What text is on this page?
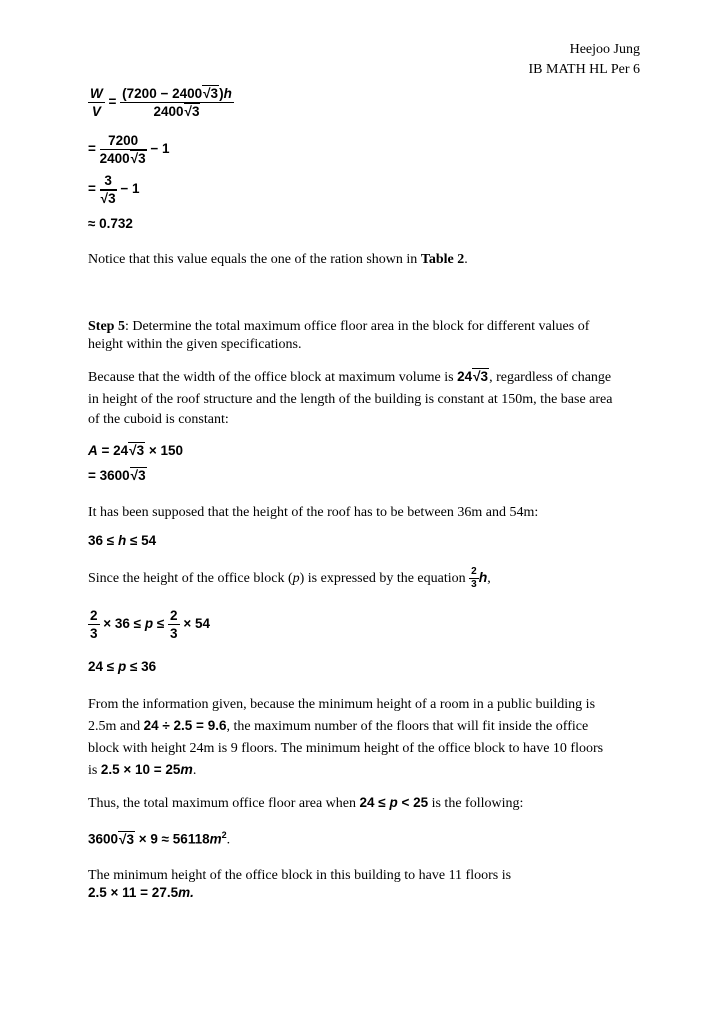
Heejoo Jung
IB MATH HL Per 6
$\frac{W}{V} = \frac{(7200 - 2400√3)h}{2400√3}$
= $\frac{7200}{2400√3} - 1$
= $\frac{3}{√3} - 1$
≈ 0.732
Notice that this value equals the one of the ration shown in Table 2.
Step 5: Determine the total maximum office floor area in the block for different values of
height within the given specifications.
Because that the width of the office block at maximum volume is 24√3, regardless of change
in height of the roof structure and the length of the building is constant at 150m, the base area
of the cuboid is constant:
A = 24√3 × 150
= 3600√3
It has been supposed that the height of the roof has to be between 36m and 54m:
36 ≤ h ≤ 54
Since the height of the office block (p) is expressed by the equation $\frac{2}{3} h$,
$\frac{2}{3} \times 36 \le p \le \frac{2}{3} \times 54$
24 ≤ p ≤ 36
From the information given, because the minimum height of a room in a public building is
2.5m and 24 ÷ 2.5 = 9.6, the maximum number of the floors that will fit inside the office
block with height 24m is 9 floors. The minimum height of the office block to have 10 floors
is 2.5 × 10 = 25m.
Thus, the total maximum office floor area when 24 ≤ p < 25 is the following:
$3600√3 \times 9 \approx 56118m^2$.
The minimum height of the office block in this building to have 11 floors is
2.5 × 11 = 27.5m.
